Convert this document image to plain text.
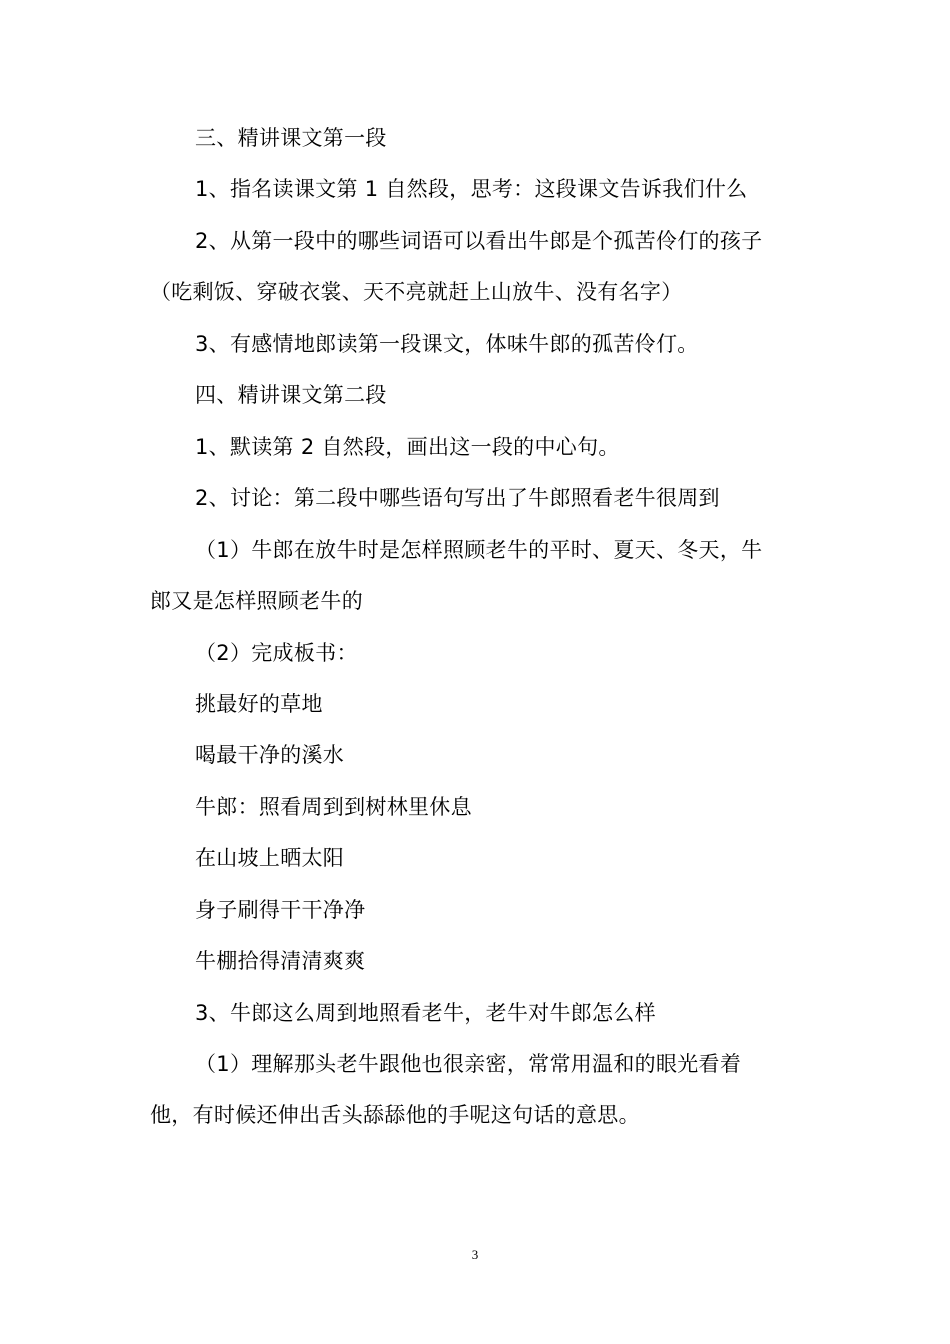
三、精讲课文第一段
1、指名读课文第 1 自然段，思考：这段课文告诉我们什么
2、从第一段中的哪些词语可以看出牛郎是个孤苦伶仃的孩子
（吃剩饭、穿破衣裳、天不亮就赶上山放牛、没有名字）
3、有感情地郎读第一段课文，体味牛郎的孤苦伶仃。
四、精讲课文第二段
1、默读第 2 自然段，画出这一段的中心句。
2、讨论：第二段中哪些语句写出了牛郎照看老牛很周到
（1）牛郎在放牛时是怎样照顾老牛的平时、夏天、冬天，牛
郎又是怎样照顾老牛的
（2）完成板书：
挑最好的草地
喝最干净的溪水
牛郎：照看周到到树林里休息
在山坡上晒太阳
身子刷得干干净净
牛棚拾得清清爽爽
3、牛郎这么周到地照看老牛，老牛对牛郎怎么样
（1）理解那头老牛跟他也很亲密，常常用温和的眼光看着
他，有时候还伸出舌头舔舔他的手呢这句话的意思。
3
